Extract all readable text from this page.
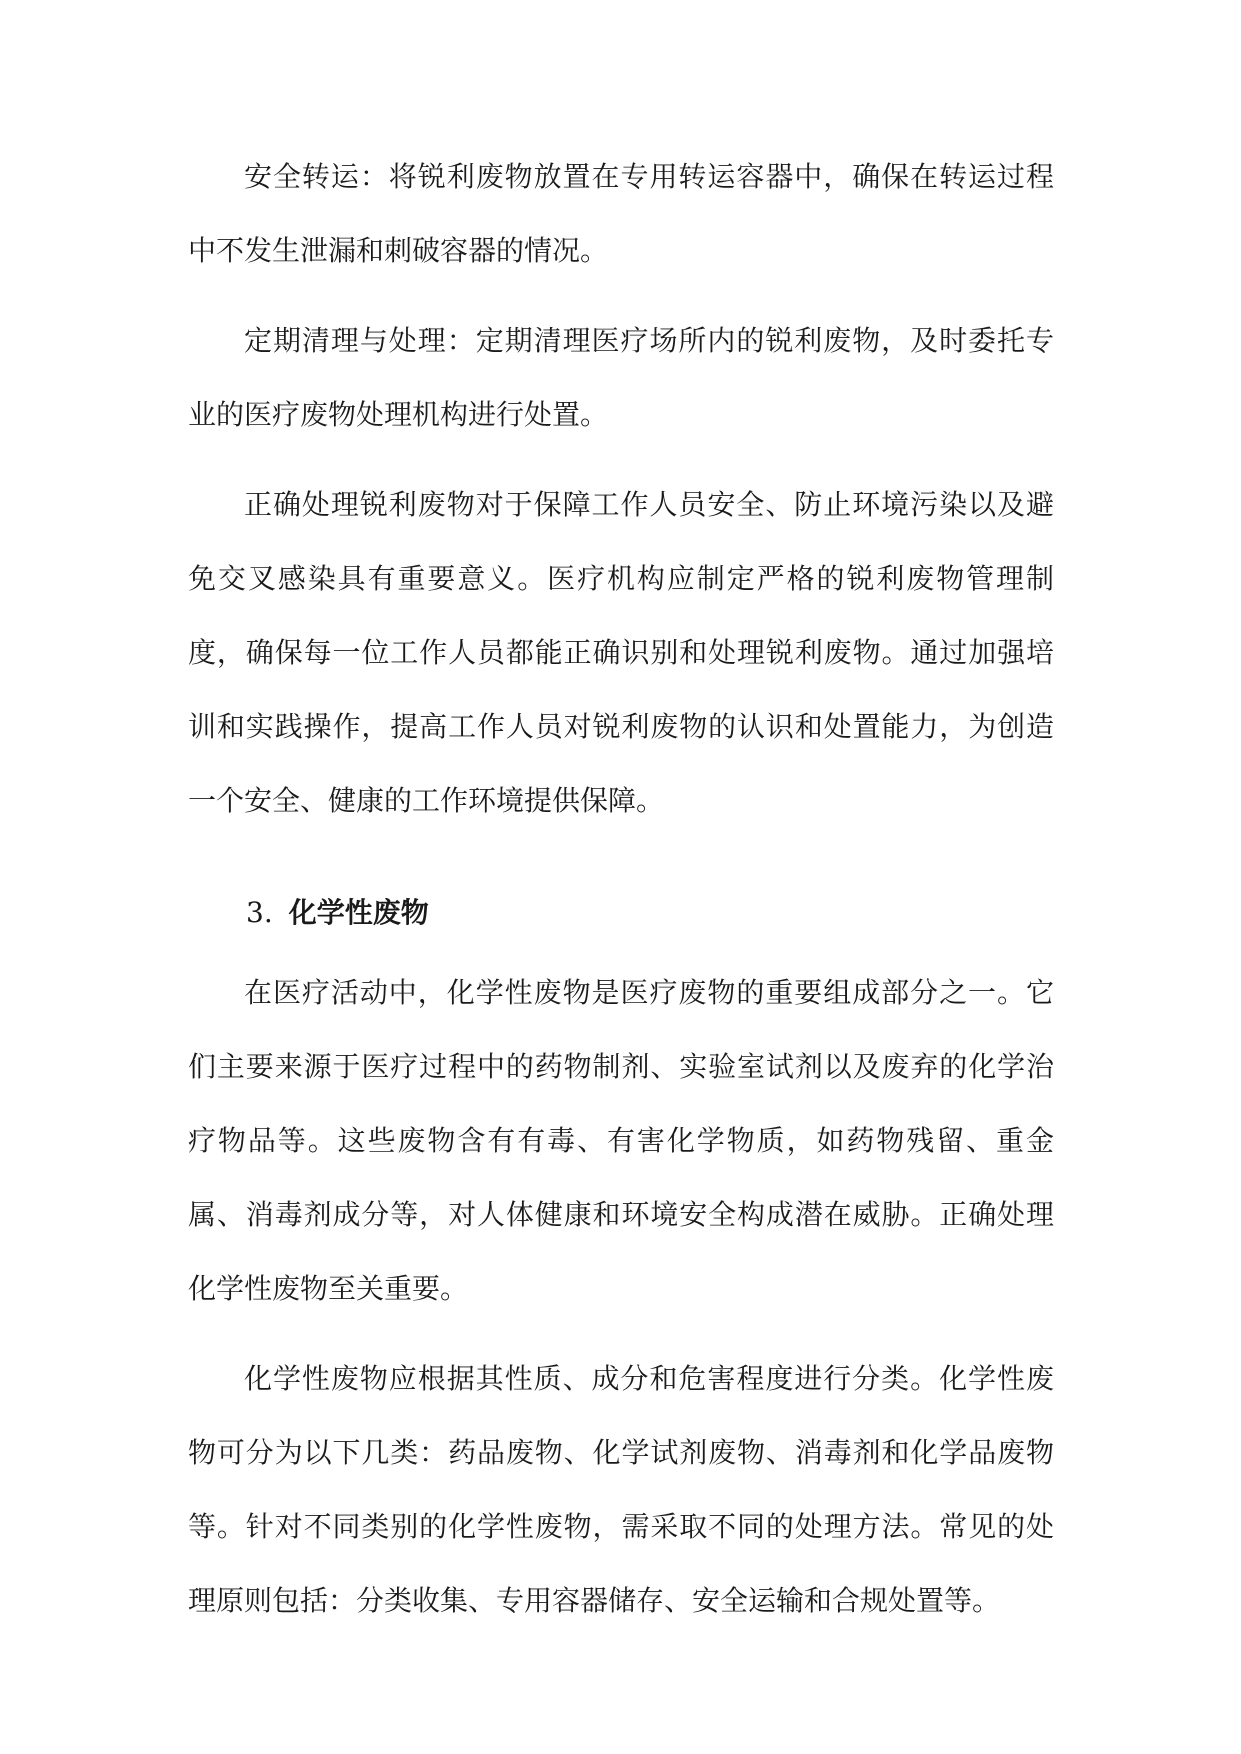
安全转运：将锐利废物放置在专用转运容器中，确保在转运过程中不发生泄漏和刺破容器的情况。

定期清理与处理：定期清理医疗场所内的锐利废物，及时委托专业的医疗废物处理机构进行处置。

正确处理锐利废物对于保障工作人员安全、防止环境污染以及避免交叉感染具有重要意义。医疗机构应制定严格的锐利废物管理制度，确保每一位工作人员都能正确识别和处理锐利废物。通过加强培训和实践操作，提高工作人员对锐利废物的认识和处置能力，为创造一个安全、健康的工作环境提供保障。

3. 化学性废物

在医疗活动中，化学性废物是医疗废物的重要组成部分之一。它们主要来源于医疗过程中的药物制剂、实验室试剂以及废弃的化学治疗物品等。这些废物含有有毒、有害化学物质，如药物残留、重金属、消毒剂成分等，对人体健康和环境安全构成潜在威胁。正确处理化学性废物至关重要。

化学性废物应根据其性质、成分和危害程度进行分类。化学性废物可分为以下几类：药品废物、化学试剂废物、消毒剂和化学品废物等。针对不同类别的化学性废物，需采取不同的处理方法。常见的处理原则包括：分类收集、专用容器储存、安全运输和合规处置等。
